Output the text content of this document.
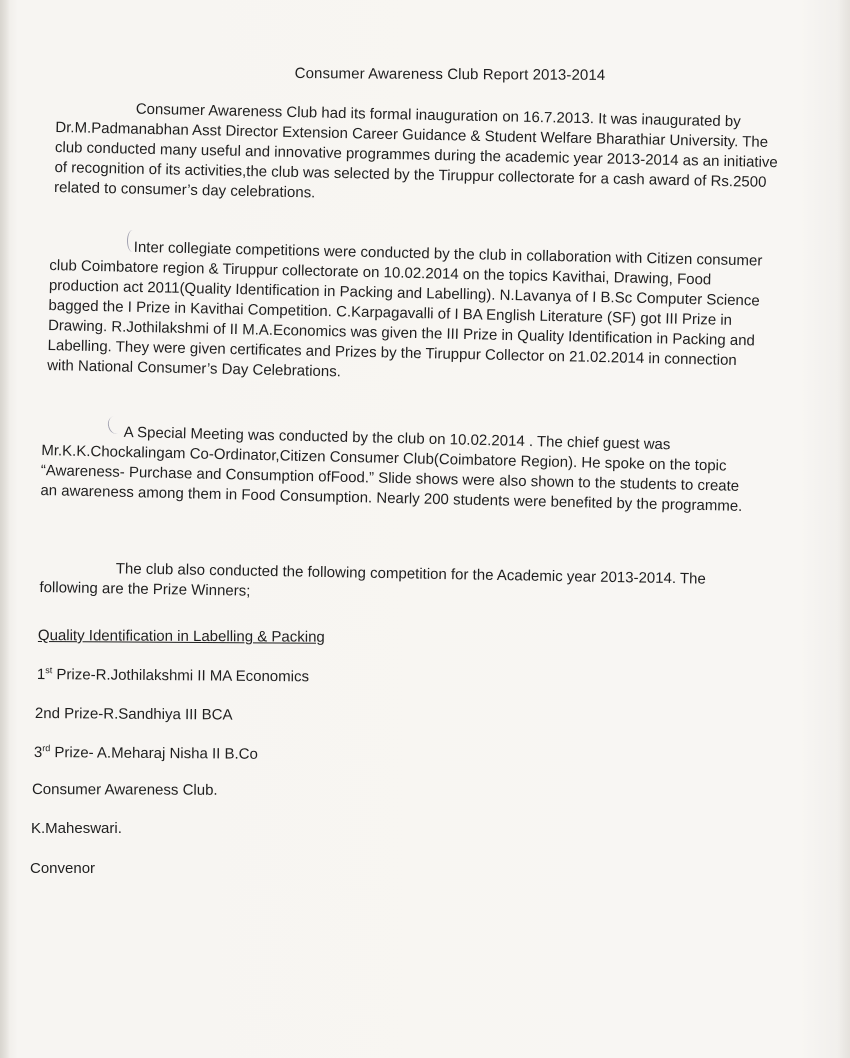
Consumer Awareness Club Report 2013-2014
Consumer Awareness Club had its formal inauguration on 16.7.2013. It was inaugurated by Dr.M.Padmanabhan Asst Director Extension Career Guidance & Student Welfare Bharathiar University. The club conducted many useful and innovative programmes during the academic year 2013-2014 as an initiative of recognition of its activities,the club was selected by the Tiruppur collectorate for a cash award of Rs.2500 related to consumer’s day celebrations.
Inter collegiate competitions were conducted by the club in collaboration with Citizen consumer club Coimbatore region & Tiruppur collectorate on 10.02.2014 on the topics Kavithai, Drawing, Food production act 2011(Quality Identification in Packing and Labelling). N.Lavanya of I B.Sc Computer Science bagged the I Prize in Kavithai Competition. C.Karpagavalli of I BA English Literature (SF) got III Prize in Drawing. R.Jothilakshmi of II M.A.Economics was given the III Prize in Quality Identification in Packing and Labelling. They were given certificates and Prizes by the Tiruppur Collector on 21.02.2014 in connection with National Consumer’s Day Celebrations.
A Special Meeting was conducted by the club on 10.02.2014 . The chief guest was Mr.K.K.Chockalingam Co-Ordinator,Citizen Consumer Club(Coimbatore Region). He spoke on the topic “Awareness- Purchase and Consumption ofFood.” Slide shows were also shown to the students to create an awareness among them in Food Consumption. Nearly 200 students were benefited by the programme.
The club also conducted the following competition for the Academic year 2013-2014. The following are the Prize Winners;
Quality Identification in Labelling & Packing
1st Prize-R.Jothilakshmi II MA Economics
2nd Prize-R.Sandhiya III BCA
3rd Prize- A.Meharaj Nisha II B.Co
Consumer Awareness Club.
K.Maheswari.
Convenor
